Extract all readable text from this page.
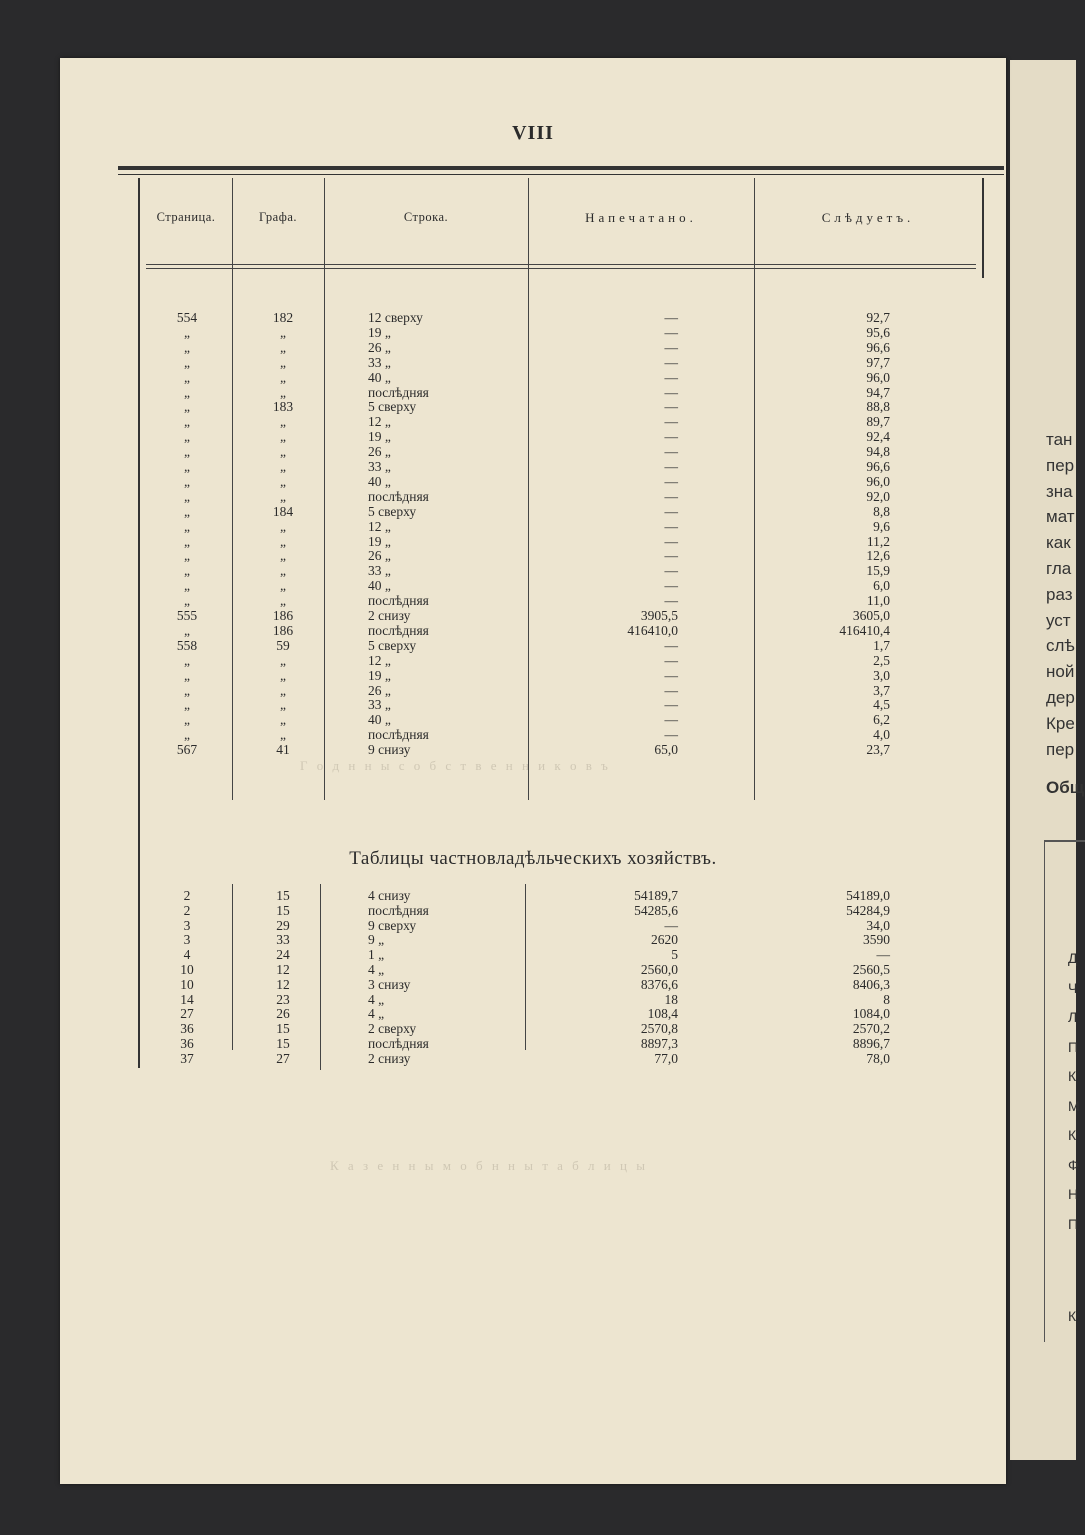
тан
пер
зна
мат
как
гла
раз
уст
слѣ
ной
дер
Кре
пер
Общ
Д
Ч
Л
П
К
М
К
Ф
Н
П
К
Г о д н н ы с о б с т в е н н и к о в ъ
К а з е н н ы м о б н н ы т а б л и ц ы
VIII
Страница.	Графа.	Строка.	Напечатано.	Слѣдуетъ.
554	182	12 сверху	—	92,7
„	„	19 „	—	95,6
„	„	26 „	—	96,6
„	„	33 „	—	97,7
„	„	40 „	—	96,0
„	„	послѣдняя	—	94,7
„	183	5 сверху	—	88,8
„	„	12 „	—	89,7
„	„	19 „	—	92,4
„	„	26 „	—	94,8
„	„	33 „	—	96,6
„	„	40 „	—	96,0
„	„	послѣдняя	—	92,0
„	184	5 сверху	—	8,8
„	„	12 „	—	9,6
„	„	19 „	—	11,2
„	„	26 „	—	12,6
„	„	33 „	—	15,9
„	„	40 „	—	6,0
„	„	послѣдняя	—	11,0
555	186	2 снизу	3905,5	3605,0
„	186	послѣдняя	416410,0	416410,4
558	59	5 сверху	—	1,7
„	„	12 „	—	2,5
„	„	19 „	—	3,0
„	„	26 „	—	3,7
„	„	33 „	—	4,5
„	„	40 „	—	6,2
„	„	послѣдняя	—	4,0
567	41	9 снизу	65,0	23,7
Таблицы частновладѣльческихъ хозяйствъ.
2	15	4 снизу	54189,7	54189,0
2	15	послѣдняя	54285,6	54284,9
3	29	9 сверху	—	34,0
3	33	9 „	2620	3590
4	24	1 „	5	—
10	12	4 „	2560,0	2560,5
10	12	3 снизу	8376,6	8406,3
14	23	4 „	18	8
27	26	4 „	108,4	1084,0
36	15	2 сверху	2570,8	2570,2
36	15	послѣдняя	8897,3	8896,7
37	27	2 снизу	77,0	78,0
